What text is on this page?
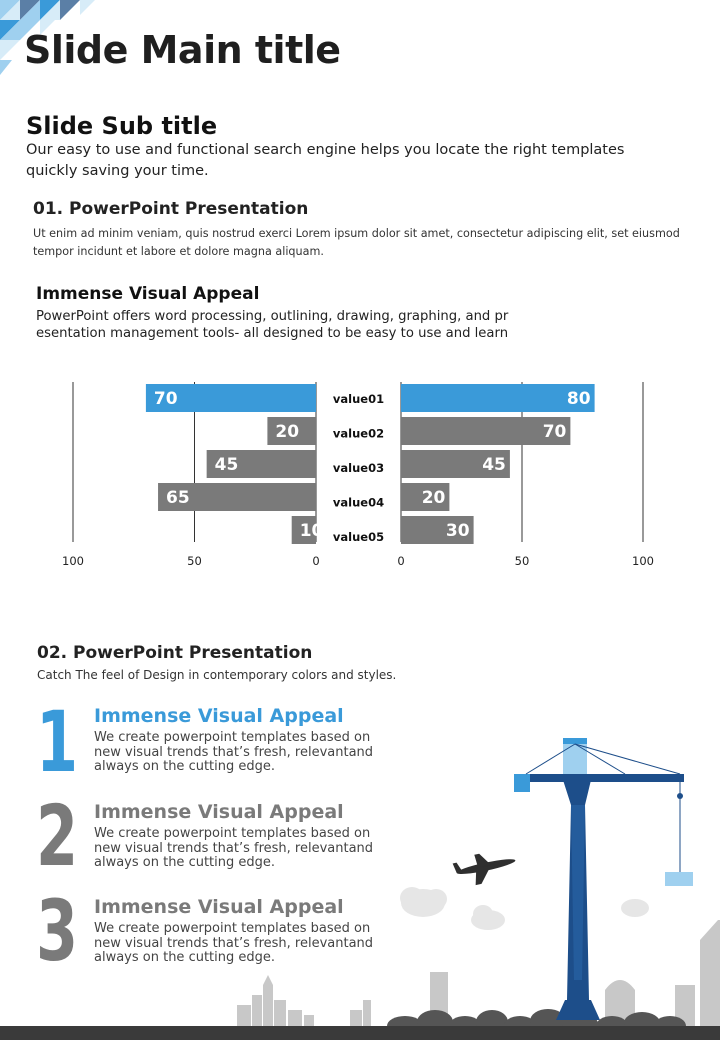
Slide Main title
Slide Sub title
Our easy to use and functional search engine helps you locate the right templates quickly saving your time.
01. PowerPoint Presentation
Ut enim ad minim veniam, quis nostrud exerci Lorem ipsum dolor sit amet, consectetur adipiscing elit, set eiusmod tempor incidunt et labore et dolore magna aliquam.
Immense Visual Appeal
PowerPoint offers word processing, outlining, drawing, graphing, and pr esentation management tools- all designed to be easy to use and learn
100	50	0	0	50	100
70	80
value01
20	70
value02
45	45
value03
65	20
value04
10	30
value05
02. PowerPoint Presentation
Catch The feel of Design in contemporary colors and styles.
1 Immense Visual Appeal
We create powerpoint templates based on new visual trends that’s fresh, relevantand always on the cutting edge.
2 Immense Visual Appeal
We create powerpoint templates based on new visual trends that’s fresh, relevantand always on the cutting edge.
3 Immense Visual Appeal
We create powerpoint templates based on new visual trends that’s fresh, relevantand always on the cutting edge.
